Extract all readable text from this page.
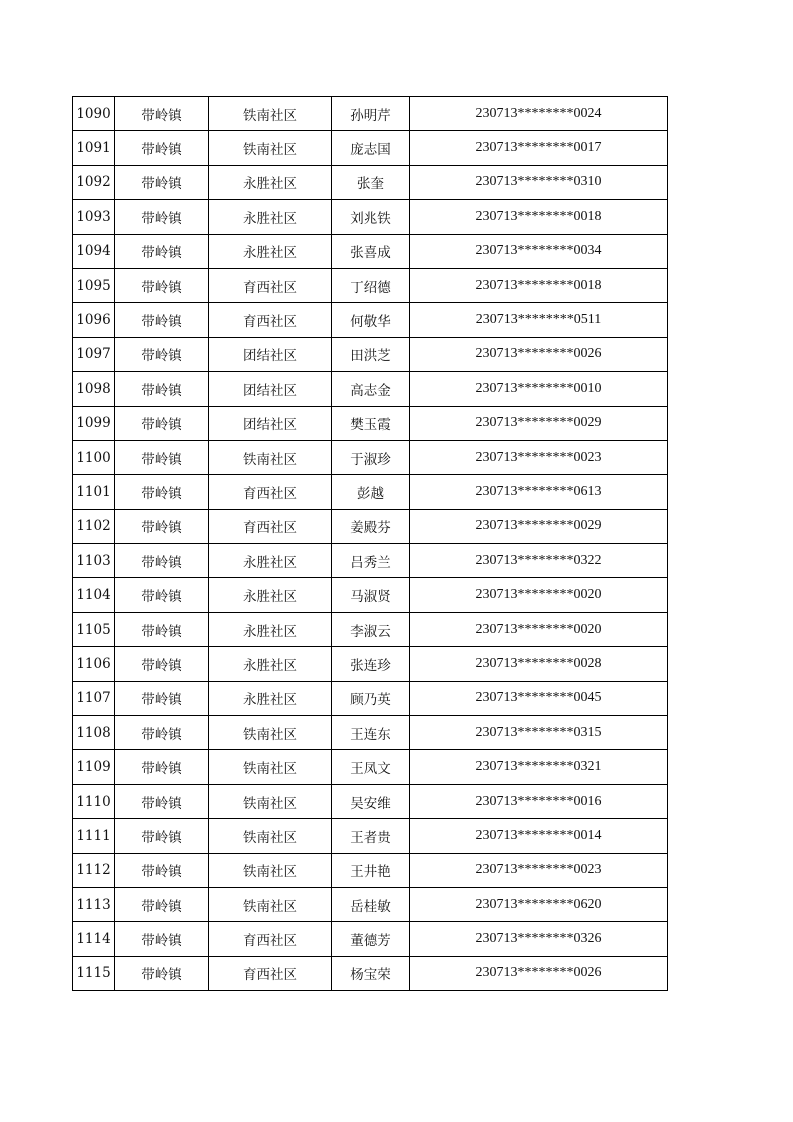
1090	带岭镇	铁南社区	孙明芹	230713********0024
1091	带岭镇	铁南社区	庞志国	230713********0017
1092	带岭镇	永胜社区	张奎	230713********0310
1093	带岭镇	永胜社区	刘兆铁	230713********0018
1094	带岭镇	永胜社区	张喜成	230713********0034
1095	带岭镇	育西社区	丁绍德	230713********0018
1096	带岭镇	育西社区	何敬华	230713********0511
1097	带岭镇	团结社区	田洪芝	230713********0026
1098	带岭镇	团结社区	高志金	230713********0010
1099	带岭镇	团结社区	樊玉霞	230713********0029
1100	带岭镇	铁南社区	于淑珍	230713********0023
1101	带岭镇	育西社区	彭越	230713********0613
1102	带岭镇	育西社区	姜殿芬	230713********0029
1103	带岭镇	永胜社区	吕秀兰	230713********0322
1104	带岭镇	永胜社区	马淑贤	230713********0020
1105	带岭镇	永胜社区	李淑云	230713********0020
1106	带岭镇	永胜社区	张连珍	230713********0028
1107	带岭镇	永胜社区	顾乃英	230713********0045
1108	带岭镇	铁南社区	王连东	230713********0315
1109	带岭镇	铁南社区	王凤文	230713********0321
1110	带岭镇	铁南社区	吴安维	230713********0016
1111	带岭镇	铁南社区	王者贵	230713********0014
1112	带岭镇	铁南社区	王井艳	230713********0023
1113	带岭镇	铁南社区	岳桂敏	230713********0620
1114	带岭镇	育西社区	董德芳	230713********0326
1115	带岭镇	育西社区	杨宝荣	230713********0026
